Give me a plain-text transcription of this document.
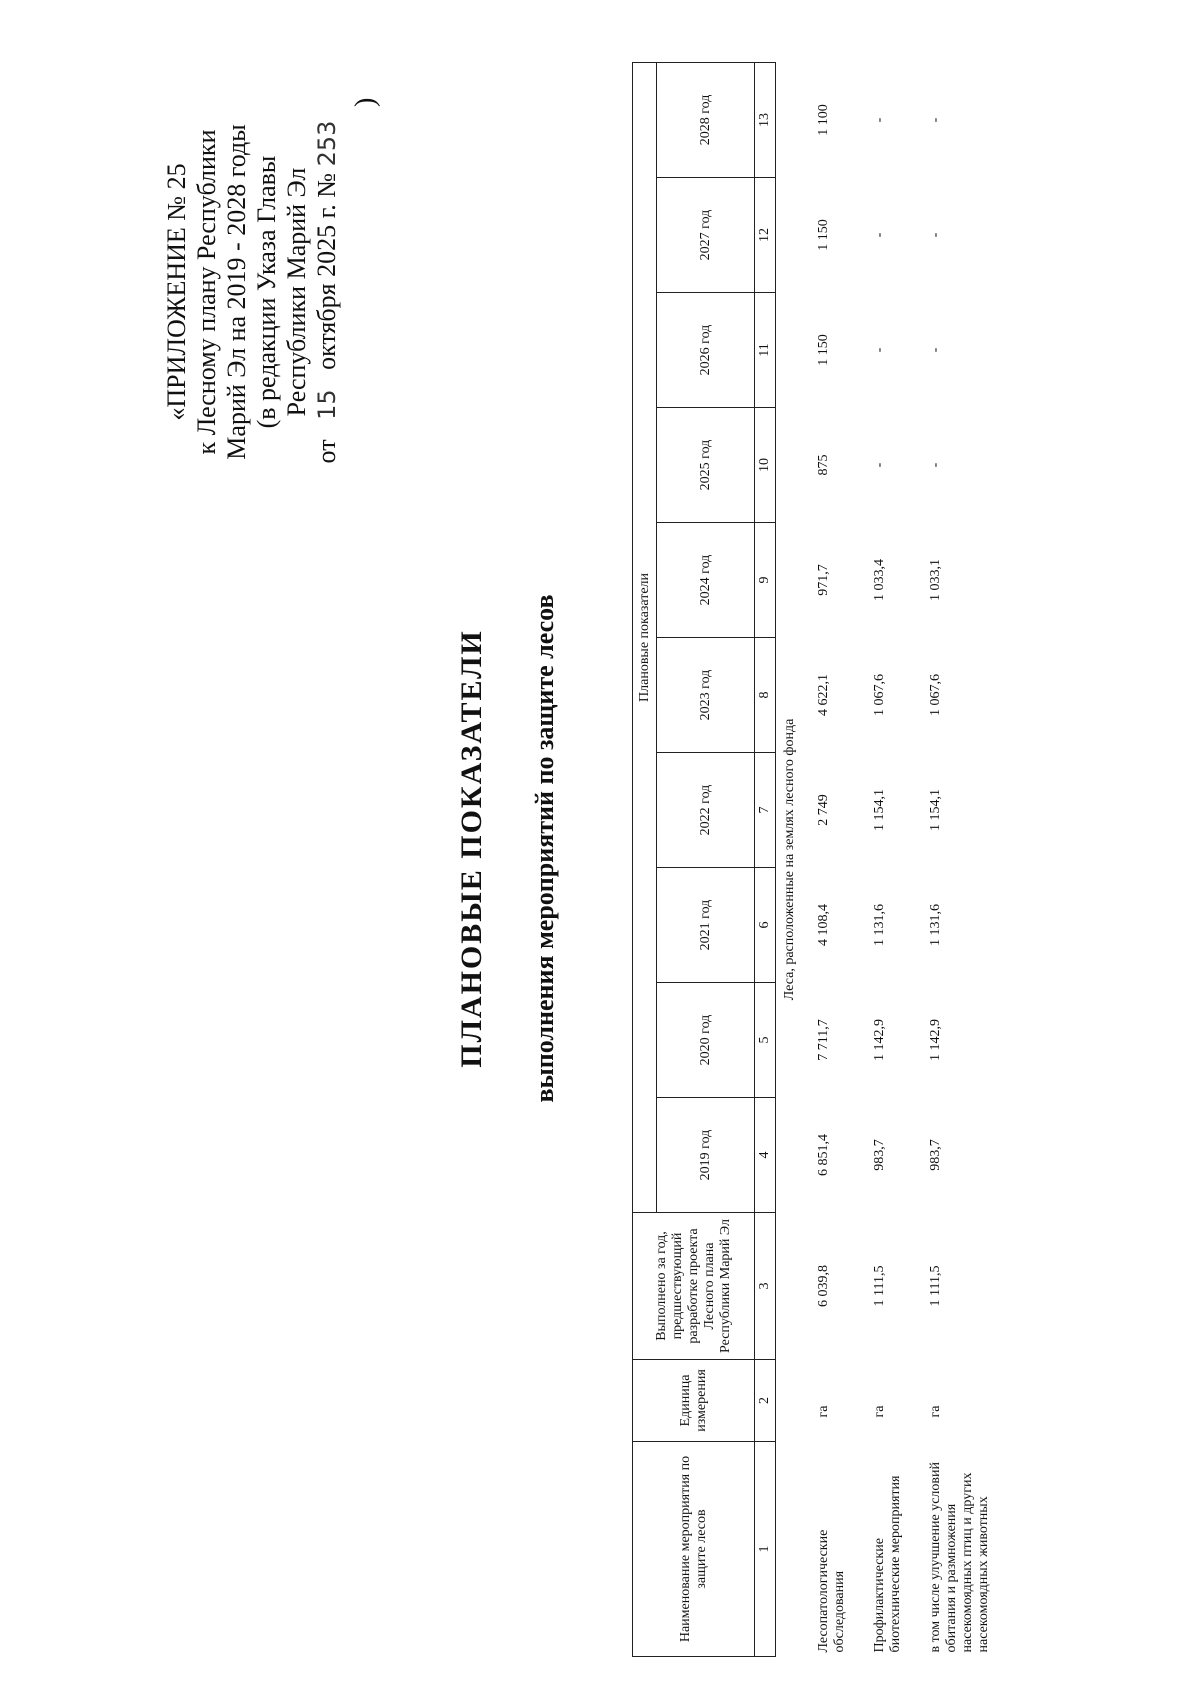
«ПРИЛОЖЕНИЕ № 25 к Лесному плану Республики Марий Эл на 2019 - 2028 годы (в редакции Указа Главы Республики Марий Эл
от   15   октября 2025 г. № 253
)
ПЛАНОВЫЕ ПОКАЗАТЕЛИ выполнения мероприятий по защите лесов
Наименование мероприятия по защите лесов	Единица измерения	Выполнено за год, предшествующий разработке проекта Лесного плана Республики Марий Эл	Плановые показатели									
			2019 год	2020 год	2021 год	2022 год	2023 год	2024 год	2025 год	2026 год	2027 год	2028 год
1	2	3	4	5	6	7	8	9	10	11	12	13
Леса, расположенные на землях лесного фонда												
Лесопатологические обследования	га	6 039,8	6 851,4	7 711,7	4 108,4	2 749	4 622,1	971,7	875	1 150	1 150	1 100
Профилактические биотехнические мероприятия	га	1 111,5	983,7	1 142,9	1 131,6	1 154,1	1 067,6	1 033,4	-	-	-	-
в том числе улучшение условий обитания и размножения насекомоядных птиц и других насекомоядных животных	га	1 111,5	983,7	1 142,9	1 131,6	1 154,1	1 067,6	1 033,1	-	-	-	-
